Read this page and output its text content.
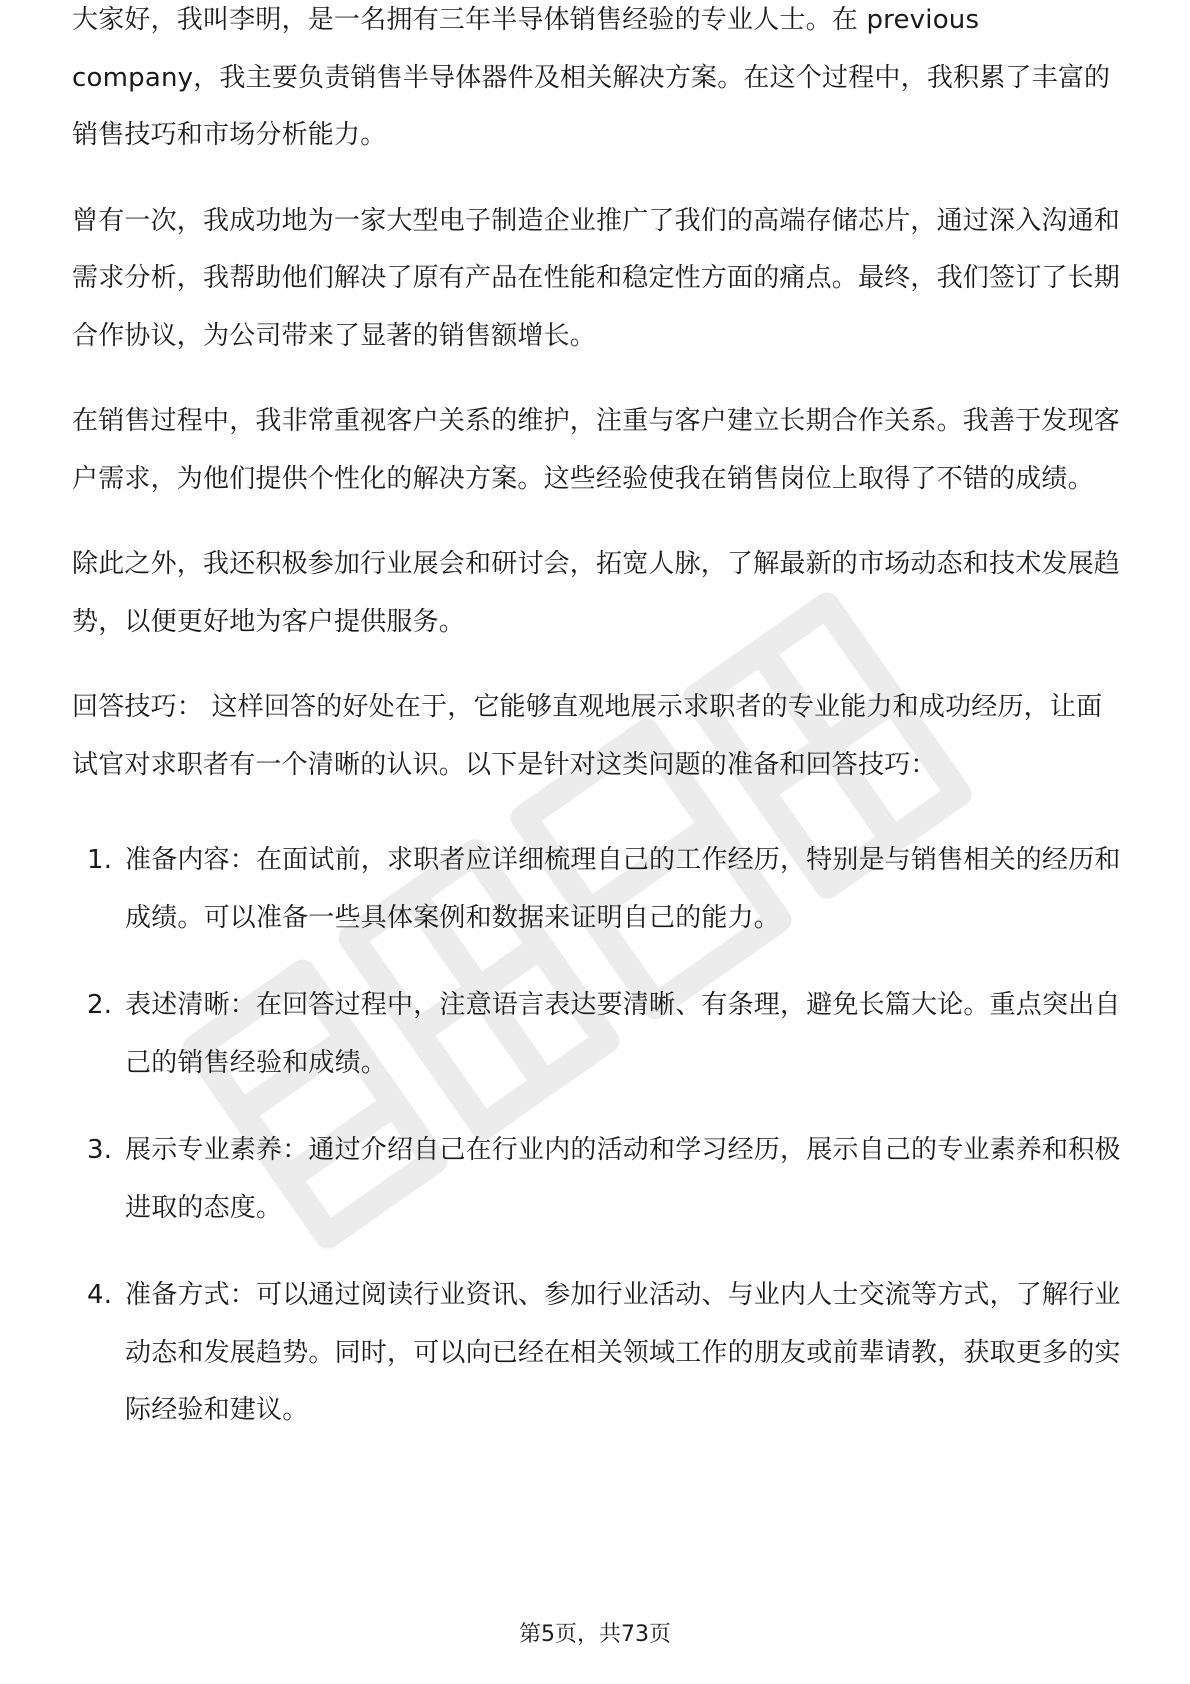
大家好，我叫李明，是一名拥有三年半导体销售经验的专业人士。在 previous company，我主要负责销售半导体器件及相关解决方案。在这个过程中，我积累了丰富的销售技巧和市场分析能力。

曾有一次，我成功地为一家大型电子制造企业推广了我们的高端存储芯片，通过深入沟通和需求分析，我帮助他们解决了原有产品在性能和稳定性方面的痛点。最终，我们签订了长期合作协议，为公司带来了显著的销售额增长。

在销售过程中，我非常重视客户关系的维护，注重与客户建立长期合作关系。我善于发现客户需求，为他们提供个性化的解决方案。这些经验使我在销售岗位上取得了不错的成绩。

除此之外，我还积极参加行业展会和研讨会，拓宽人脉，了解最新的市场动态和技术发展趋势，以便更好地为客户提供服务。

回答技巧： 这样回答的好处在于，它能够直观地展示求职者的专业能力和成功经历，让面试官对求职者有一个清晰的认识。以下是针对这类问题的准备和回答技巧：

1. 准备内容：在面试前，求职者应详细梳理自己的工作经历，特别是与销售相关的经历和成绩。可以准备一些具体案例和数据来证明自己的能力。
2. 表述清晰：在回答过程中，注意语言表达要清晰、有条理，避免长篇大论。重点突出自己的销售经验和成绩。
3. 展示专业素养：通过介绍自己在行业内的活动和学习经历，展示自己的专业素养和积极进取的态度。
4. 准备方式：可以通过阅读行业资讯、参加行业活动、与业内人士交流等方式，了解行业动态和发展趋势。同时，可以向已经在相关领域工作的朋友或前辈请教，获取更多的实际经验和建议。
第5页，共73页
